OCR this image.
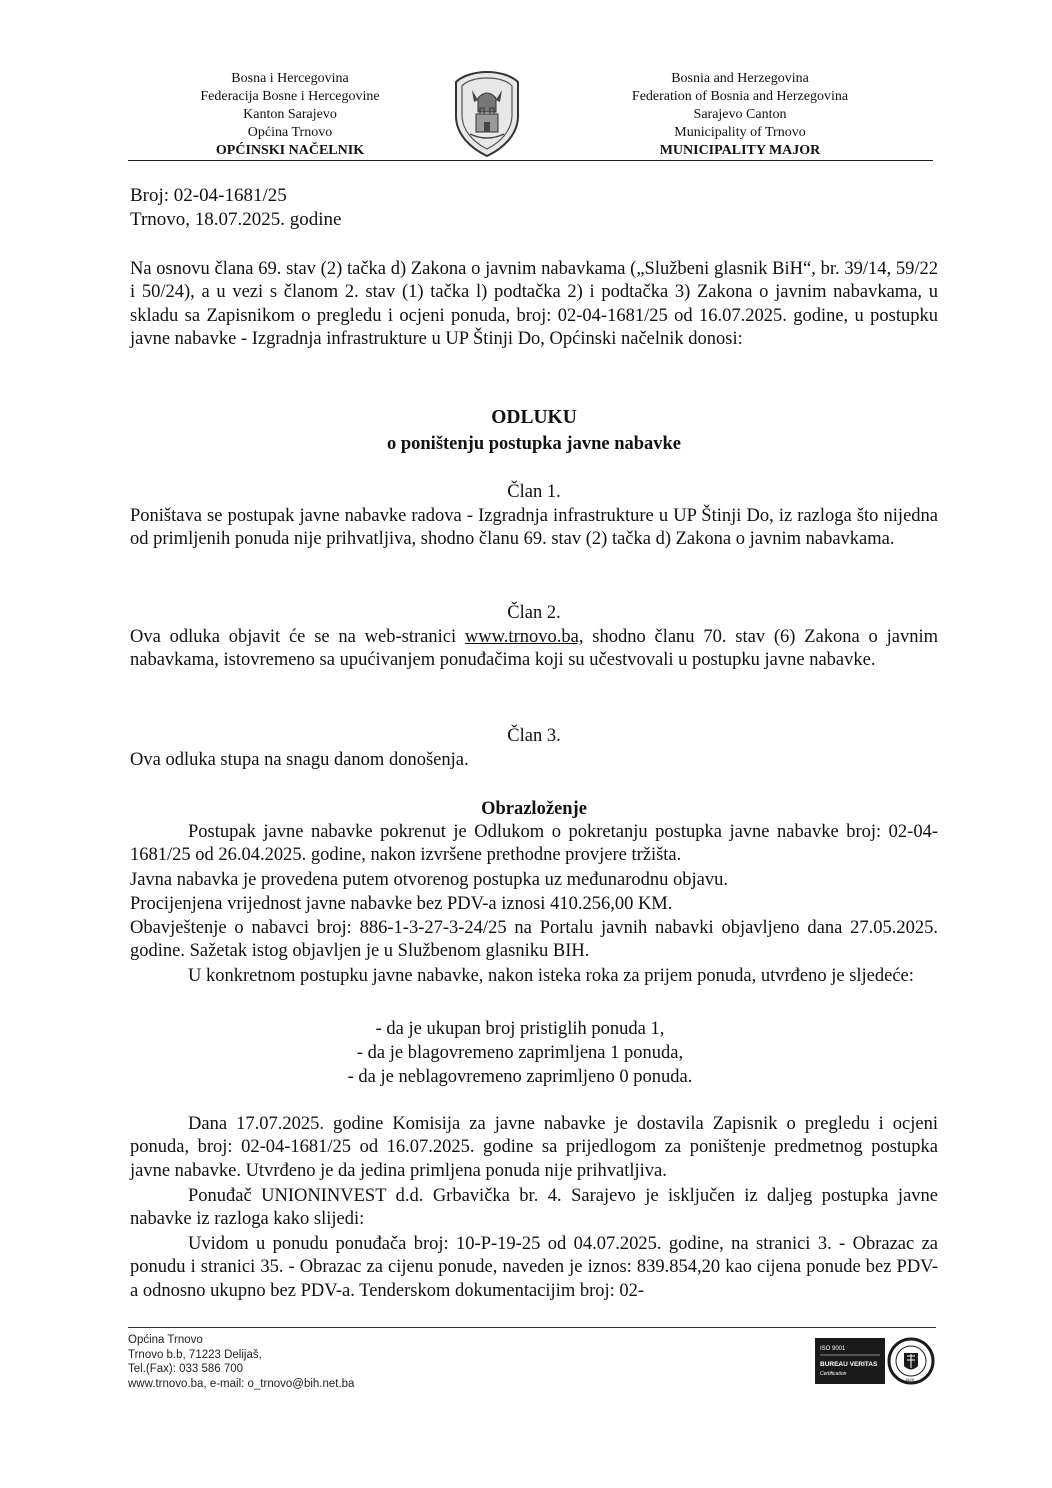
Bosna i Hercegovina
Federacija Bosne i Hercegovine
Kanton Sarajevo
Općina Trnovo
OPĆINSKI NAČELNIK
Bosnia and Herzegovina
Federation of Bosnia and Herzegovina
Sarajevo Canton
Municipality of Trnovo
MUNICIPALITY MAJOR
Broj: 02-04-1681/25
Trnovo, 18.07.2025. godine
Na osnovu člana 69. stav (2) tačka d) Zakona o javnim nabavkama („Službeni glasnik BiH“, br. 39/14, 59/22 i 50/24), a u vezi s članom 2. stav (1) tačka l) podtačka 2) i podtačka 3) Zakona o javnim nabavkama, u skladu sa Zapisnikom o pregledu i ocjeni ponuda, broj: 02-04-1681/25 od 16.07.2025. godine, u postupku javne nabavke - Izgradnja infrastrukture u UP Štinji Do, Općinski načelnik donosi:
ODLUKU
o poništenju postupka javne nabavke
Član 1.
Poništava se postupak javne nabavke radova - Izgradnja infrastrukture u UP Štinji Do, iz razloga što nijedna od primljenih ponuda nije prihvatljiva, shodno članu 69. stav (2) tačka d) Zakona o javnim nabavkama.
Član 2.
Ova odluka objavit će se na web-stranici www.trnovo.ba, shodno članu 70. stav (6) Zakona o javnim nabavkama, istovremeno sa upućivanjem ponuđačima koji su učestvovali u postupku javne nabavke.
Član 3.
Ova odluka stupa na snagu danom donošenja.
Obrazloženje
Postupak javne nabavke pokrenut je Odlukom o pokretanju postupka javne nabavke broj: 02-04-1681/25 od 26.04.2025. godine, nakon izvršene prethodne provjere tržišta.
Javna nabavka je provedena putem otvorenog postupka uz međunarodnu objavu.
Procijenjena vrijednost javne nabavke bez PDV-a iznosi 410.256,00 KM.
Obavještenje o nabavci broj: 886-1-3-27-3-24/25 na Portalu javnih nabavki objavljeno dana 27.05.2025. godine. Sažetak istog objavljen je u Službenom glasniku BIH.
U konkretnom postupku javne nabavke, nakon isteka roka za prijem ponuda, utvrđeno je sljedeće:
- da je ukupan broj pristiglih ponuda 1,
- da je blagovremeno zaprimljena 1 ponuda,
- da je neblagovremeno zaprimljeno 0 ponuda.
Dana 17.07.2025. godine Komisija za javne nabavke je dostavila Zapisnik o pregledu i ocjeni ponuda, broj: 02-04-1681/25 od 16.07.2025. godine sa prijedlogom za poništenje predmetnog postupka javne nabavke. Utvrđeno je da jedina primljena ponuda nije prihvatljiva.
Ponuđač UNIONINVEST d.d. Grbavička br. 4. Sarajevo je isključen iz daljeg postupka javne nabavke iz razloga kako slijedi:
Uvidom u ponudu ponuđača broj: 10-P-19-25 od 04.07.2025. godine, na stranici 3. - Obrazac za ponudu i stranici 35. - Obrazac za cijenu ponude, naveden je iznos: 839.854,20 kao cijena ponude bez PDV-a odnosno ukupno bez PDV-a. Tenderskom dokumentacijim broj: 02-
Općina Trnovo
Trnovo b.b, 71223 Delijaš,
Tel.(Fax): 033 586 700
www.trnovo.ba, e-mail: o_trnovo@bih.net.ba
ISO 9001
BUREAU VERITAS
Certification
1828
